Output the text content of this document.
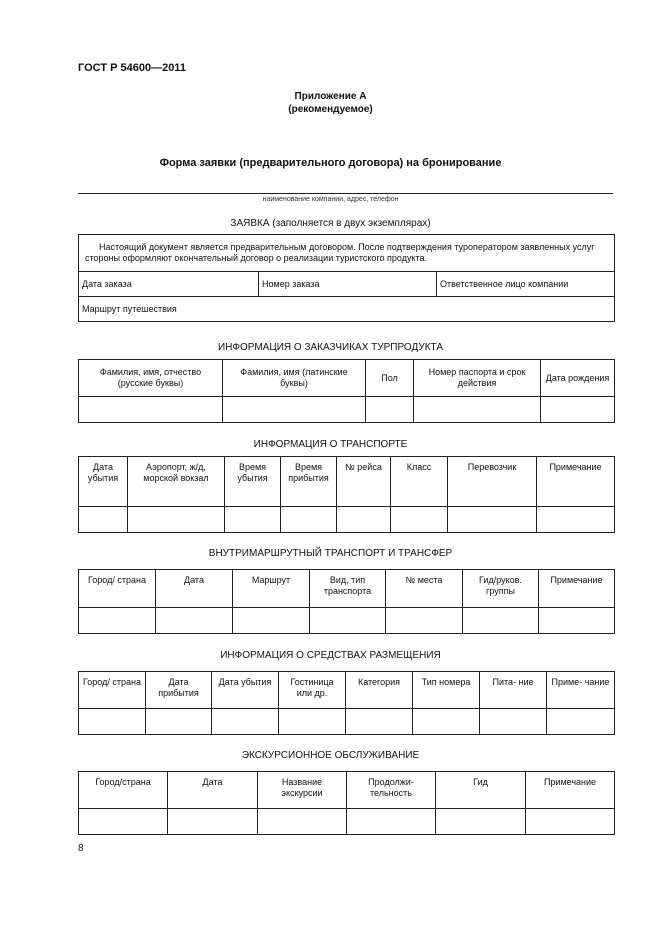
ГОСТ Р 54600—2011
Приложение А
(рекомендуемое)
Форма заявки (предварительного договора) на бронирование
наименование компании, адрес, телефон
ЗАЯВКА (заполняется в двух экземплярах)
Настоящий документ является предварительным договором. После подтверждения туроператором заявленных услуг стороны оформляют окончательный договор о реализации туристского продукта.
Дата заказа	Номер заказа	Ответственное лицо компании
Маршрут путешествия
ИНФОРМАЦИЯ О ЗАКАЗЧИКАХ ТУРПРОДУКТА
Фамилия, имя, отчество (русские буквы)	Фамилия, имя (латинские буквы)	Пол	Номер паспорта и срок действия	Дата рождения

ИНФОРМАЦИЯ О ТРАНСПОРТЕ
Дата убытия	Аэропорт, ж/д, морской вокзал	Время убытия	Время прибытия	№ рейса	Класс	Перевозчик	Примечание

ВНУТРИМАРШРУТНЫЙ ТРАНСПОРТ И ТРАНСФЕР
Город/ страна	Дата	Маршрут	Вид, тип транспорта	№ места	Гид/руков. группы	Примечание

ИНФОРМАЦИЯ О СРЕДСТВАХ РАЗМЕЩЕНИЯ
Город/ страна	Дата прибытия	Дата убытия	Гостиница или др.	Категория	Тип номера	Пита- ние	Приме- чание

ЭКСКУРСИОННОЕ ОБСЛУЖИВАНИЕ
Город/страна	Дата	Название экскурсии	Продолжи- тельность	Гид	Примечание

8
